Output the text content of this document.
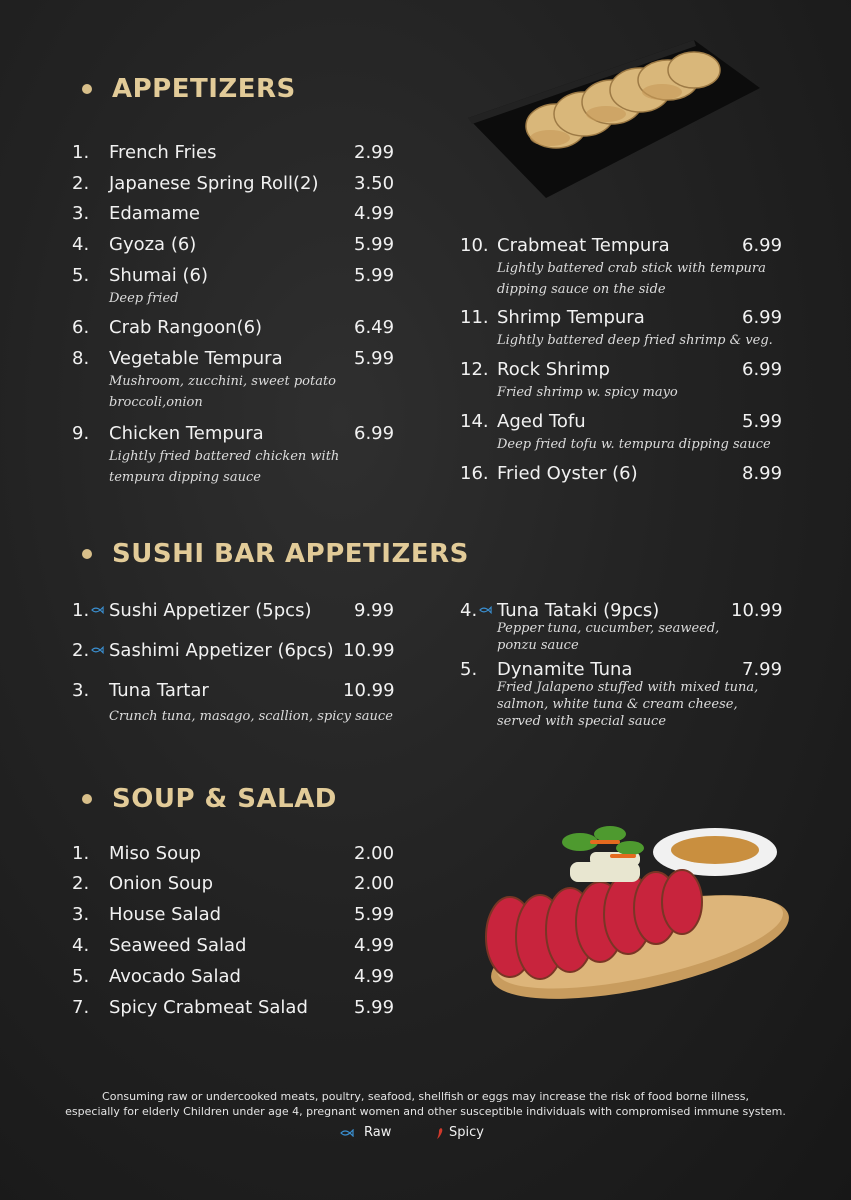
APPETIZERS
SUSHI BAR APPETIZERS
SOUP & SALAD
1. French Fries	2.99
2. Japanese Spring Roll(2) 3.50
3. Edamame	4.99
4. Gyoza (6)	5.99
5. Shumai (6)	5.99
Deep fried
6. Crab Rangoon(6)	6.49
8. Vegetable Tempura	5.99
Mushroom, zucchini, sweet potato
broccoli,onion
9. Chicken Tempura	6.99
Lightly fried battered chicken with
tempura dipping sauce
10. Crabmeat Tempura	6.99
Lightly battered crab stick with tempura
dipping sauce on the side
11. Shrimp Tempura	6.99
Lightly battered deep fried shrimp & veg.
12. Rock Shrimp	6.99
Fried shrimp w. spicy mayo
14. Aged Tofu	5.99
Deep fried tofu w. tempura dipping sauce
16. Fried Oyster (6)	8.99
1. Sushi Appetizer (5pcs) 9.99
2. Sashimi Appetizer (6pcs) 10.99
3. Tuna Tartar	10.99
Crunch tuna, masago, scallion, spicy sauce
4. Tuna Tataki (9pcs)	10.99
Pepper tuna, cucumber, seaweed,
ponzu sauce
5. Dynamite Tuna	7.99
Fried Jalapeno stuffed with mixed tuna,
salmon, white tuna & cream cheese,
served with special sauce
1. Miso Soup	2.00
2. Onion Soup	2.00
3. House Salad	5.99
4. Seaweed Salad	4.99
5. Avocado Salad	4.99
7. Spicy Crabmeat Salad	5.99
Consuming raw or undercooked meats, poultry, seafood, shellfish or eggs may increase the risk of food borne illness,
especially for elderly Children under age 4, pregnant women and other susceptible individuals with compromised immune system.
Raw	Spicy
